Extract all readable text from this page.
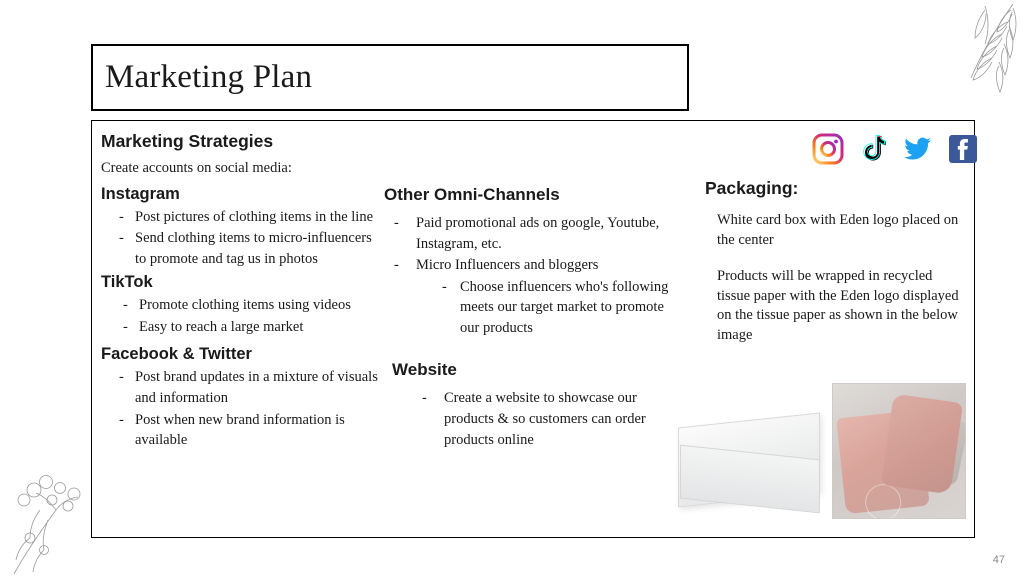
Marketing Plan
Marketing Strategies

Create accounts on social media:

Instagram
- Post pictures of clothing items in the line
- Send clothing items to micro-influencers to promote and tag us in photos
TikTok
- Promote clothing items using videos
- Easy to reach a large market
Facebook & Twitter
- Post brand updates in a mixture of visuals and information
- Post when new brand information is available
Other Omni-Channels
- Paid promotional ads on google, Youtube, Instagram, etc.
- Micro Influencers and bloggers
- Choose influencers who's following meets our target market to promote our products
Website
- Create a website to showcase our products & so customers can order products online
Packaging:

White card box with Eden logo placed on the center

Products will be wrapped in recycled tissue paper with the Eden logo displayed on the tissue paper as shown in the below image

47
